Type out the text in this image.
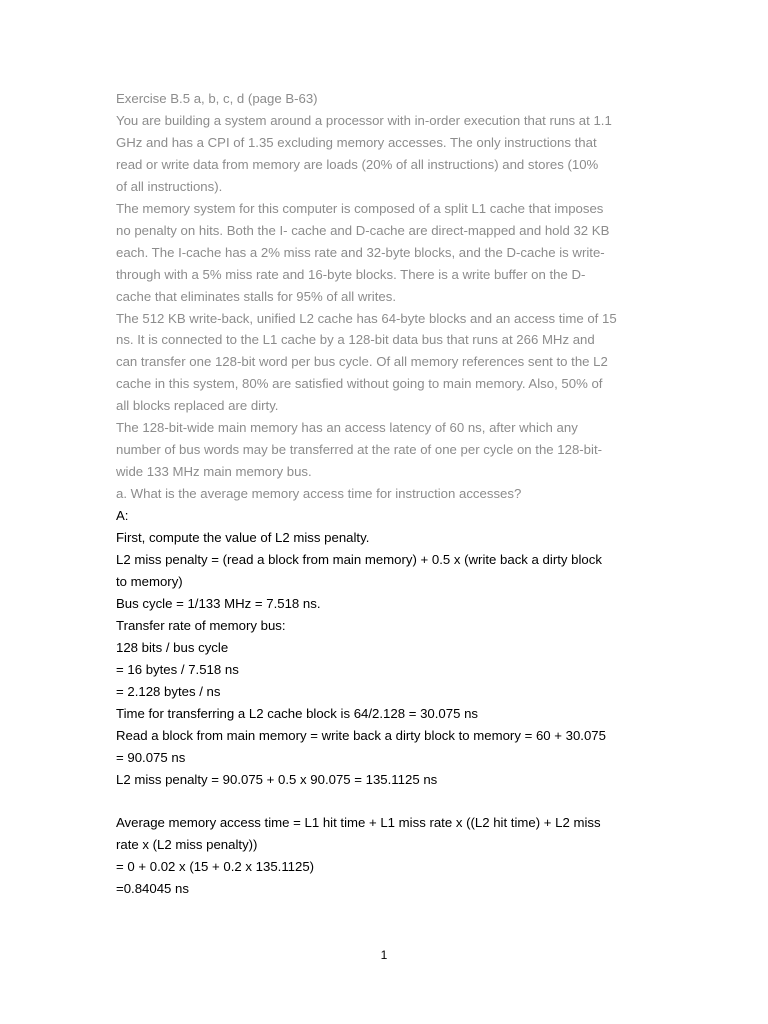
Exercise B.5 a, b, c, d (page B-63)
You are building a system around a processor with in-order execution that runs at 1.1
GHz and has a CPI of 1.35 excluding memory accesses. The only instructions that
read or write data from memory are loads (20% of all instructions) and stores (10%
of all instructions).
The memory system for this computer is composed of a split L1 cache that imposes
no penalty on hits. Both the I- cache and D-cache are direct-mapped and hold 32 KB
each. The I-cache has a 2% miss rate and 32-byte blocks, and the D-cache is write-
through with a 5% miss rate and 16-byte blocks. There is a write buffer on the D-
cache that eliminates stalls for 95% of all writes.
The 512 KB write-back, unified L2 cache has 64-byte blocks and an access time of 15
ns. It is connected to the L1 cache by a 128-bit data bus that runs at 266 MHz and
can transfer one 128-bit word per bus cycle. Of all memory references sent to the L2
cache in this system, 80% are satisfied without going to main memory. Also, 50% of
all blocks replaced are dirty.
The 128-bit-wide main memory has an access latency of 60 ns, after which any
number of bus words may be transferred at the rate of one per cycle on the 128-bit-
wide 133 MHz main memory bus.
a. What is the average memory access time for instruction accesses?
A:
First, compute the value of L2 miss penalty.
L2 miss penalty = (read a block from main memory) + 0.5 x (write back a dirty block
to memory)
Bus cycle = 1/133 MHz = 7.518 ns.
Transfer rate of memory bus:
128 bits / bus cycle
= 16 bytes / 7.518 ns
= 2.128 bytes / ns
Time for transferring a L2 cache block is 64/2.128 = 30.075 ns
Read a block from main memory = write back a dirty block to memory = 60 + 30.075
= 90.075 ns
L2 miss penalty = 90.075 + 0.5 x 90.075 = 135.1125 ns
Average memory access time = L1 hit time + L1 miss rate x ((L2 hit time) + L2 miss
rate x (L2 miss penalty))
= 0 + 0.02 x (15 + 0.2 x 135.1125)
=0.84045 ns
1
